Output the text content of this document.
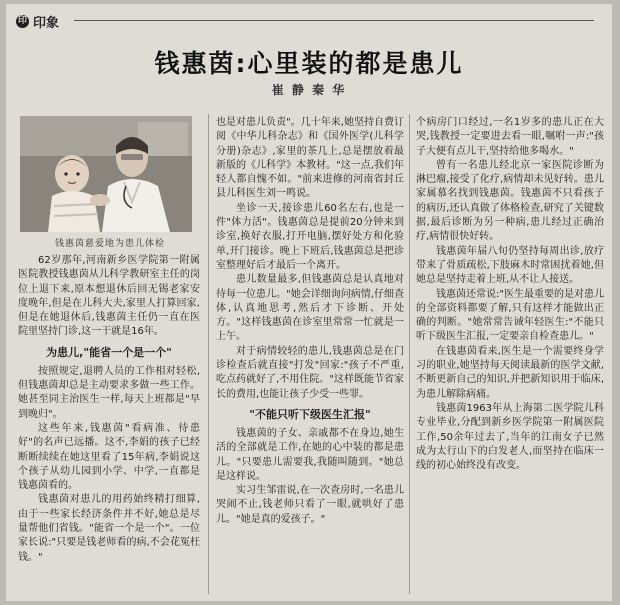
印 印象
钱惠茵:心里装的都是患儿
崔 静 秦 华
钱惠茵慈爱地为患儿体检

62岁那年,河南新乡医学院第一附属医院教授钱惠茵从儿科学教研室主任的岗位上退下来,原本想退休后回无锡老家安度晚年,但是在儿科大夫,家里人打算回家,但是在她退休后,钱惠茵主任仍一直在医院里坚持门诊,这一干就是16年。

为患儿,"能省一个是一个"

按照规定,退聘人员的工作相对轻松,但钱惠茵却总是主动要求多做一些工作。她甚至同主治医生一样,每天上班都是"早到晚归"。

这些年来,钱惠茵"看病准、待患好"的名声已远播。这不,李娟的孩子已经断断续续在她这里看了15年病,李娟说这个孩子从幼儿园到小学、中学,一直都是钱惠茵看的。

钱惠茵对患儿的用药始终精打细算,由于一些家长经济条件并不好,她总是尽量帮他们省钱。"能省一个是一个"。一位家长说:"只要是钱老师看的病,不会花冤枉钱。"

也是对患儿负责"。几十年来,她坚持自费订阅《中华儿科杂志》和《国外医学(儿科学分册)杂志》,家里的茶几上,总是摆放着最新版的《儿科学》本教材。"这一点,我们年轻人都自愧不如。"前来进修的河南省封丘县儿科医生刘一鸣说。

坐诊一天,接诊患儿60名左右,也是一件"体力活"。钱惠茵总是提前20分钟来到诊室,换好衣服,打开电脑,摆好处方和化验单,开门接诊。晚上下班后,钱惠茵总是把诊室整理好后才最后一个离开。

患儿数量最多,但钱惠茵总是认真地对待每一位患儿。"她会详细询问病情,仔细查体,认真地思考,然后才下诊断、开处方。"这样钱惠茵在诊室里常常一忙就是一上午。

对于病情较轻的患儿,钱惠茵总是在门诊检查后就直接"打发"回家:"孩子不严重,吃点药就好了,不用住院。"这样既能节省家长的费用,也能让孩子少受一些罪。

"不能只听下级医生汇报"

钱惠茵的子女、亲戚都不在身边,她生活的全部就是工作,在她的心中装的都是患儿。"只要患儿需要我,我随叫随到。"她总是这样说。

实习生邹雷说,在一次查房时,一名患儿哭闹不止,钱老师只看了一眼,就哄好了患儿。"她是真的爱孩子。"

个病房门口经过,一名1岁多的患儿正在大哭,钱教授一定要进去看一眼,嘱咐一声:"孩子大便有点儿干,坚持给他多喝水。"

曾有一名患儿经北京一家医院诊断为淋巴瘤,接受了化疗,病情却未见好转。患儿家属慕名找到钱惠茵。钱惠茵不只看孩子的病历,还认真做了体格检查,研究了关键数据,最后诊断为另一种病,患儿经过正确治疗,病情很快好转。

钱惠茵年届八旬仍坚持每周出诊,放疗带来了骨质疏松,下肢麻木时常困扰着她,但她总是坚持走着上班,从不让人接送。

钱惠茵还常说:"医生最重要的是对患儿的全部资料都要了解,只有这样才能做出正确的判断。"她常常告诫年轻医生:"不能只听下级医生汇报,一定要亲自检查患儿。"

在钱惠茵看来,医生是一个需要终身学习的职业,她坚持每天阅读最新的医学文献,不断更新自己的知识,并把新知识用于临床,为患儿解除病痛。

钱惠茵1963年从上海第二医学院儿科专业毕业,分配到新乡医学院第一附属医院工作,50余年过去了,当年的江南女子已然成为太行山下的白发老人,而坚持在临床一线的初心始终没有改变。
